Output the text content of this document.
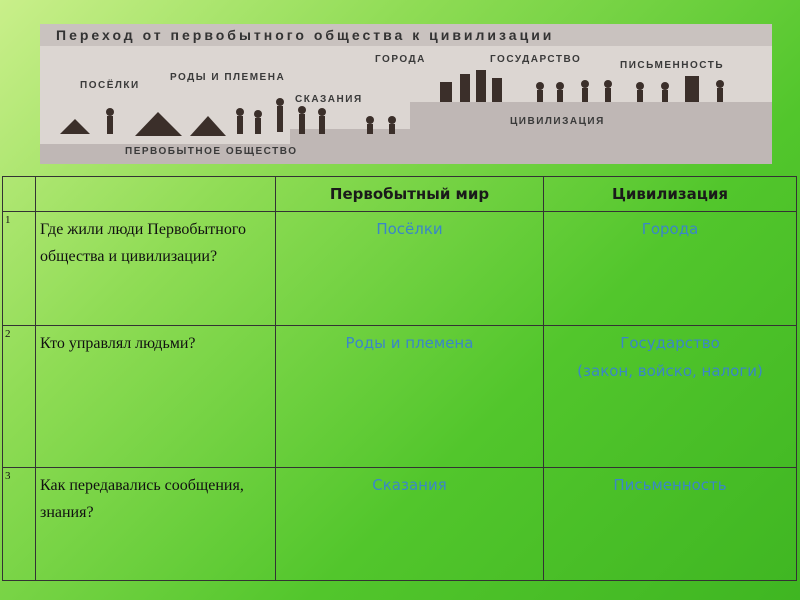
Переход от первобытного общества к цивилизации
ПОСЁЛКИ
РОДЫ И ПЛЕМЕНА
СКАЗАНИЯ
ГОРОДА	ГОСУДАРСТВО
ПИСЬМЕННОСТЬ
ЦИВИЛИЗАЦИЯ
ПЕРВОБЫТНОЕ ОБЩЕСТВО
		Первобытный мир	Цивилизация
1	Где жили люди Первобытного общества и цивилизации?	Посёлки	Города
2	Кто управлял людьми?	Роды и племена	Государство
(закон, войско, налоги)

3	Как передавались сообщения, знания?	Сказания	Письменность
